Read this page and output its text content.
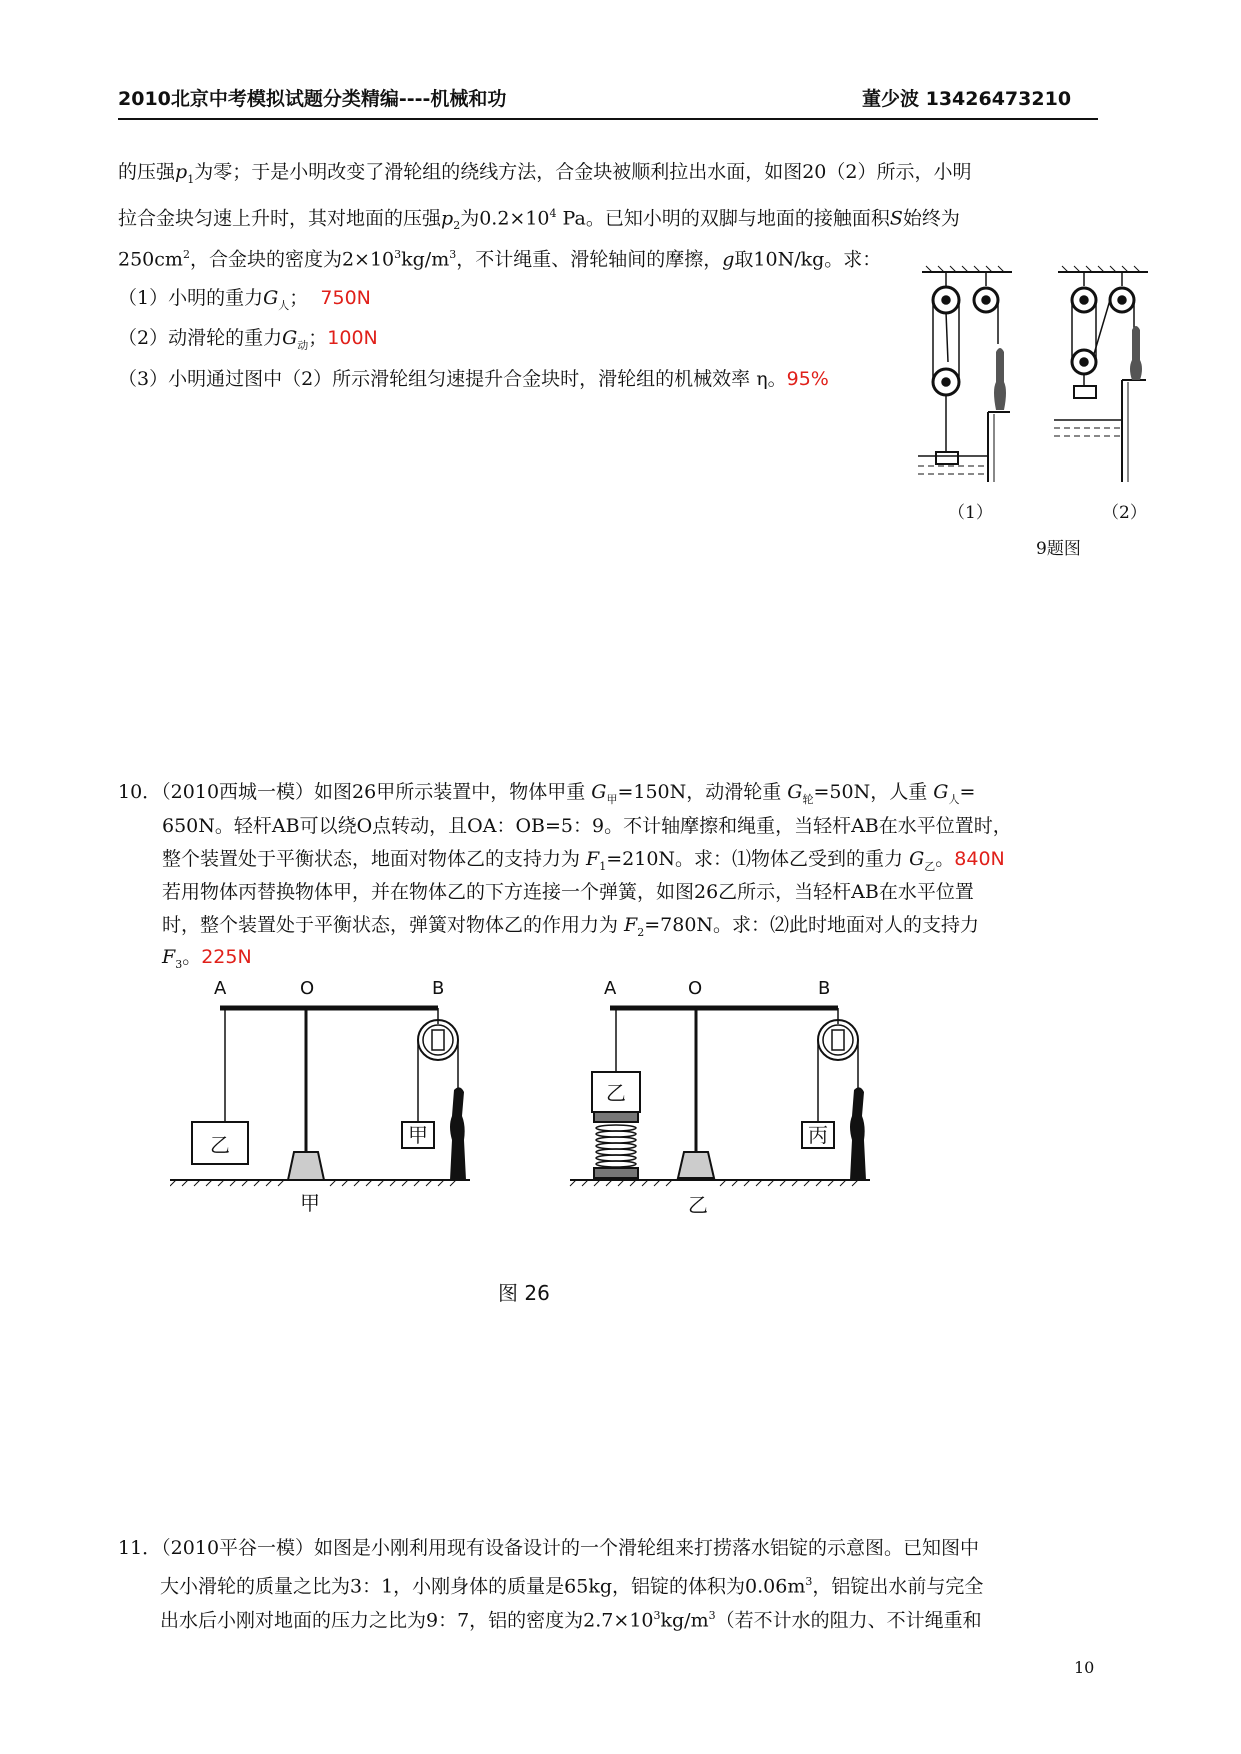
2010北京中考模拟试题分类精编----机械和功	董少波 13426473210
的压强$p_1$为零；于是小明改变了滑轮组的绕线方法，合金块被顺利拉出水面，如图20（2）所示，小明
拉合金块匀速上升时，其对地面的压强$p_2$为$0.2\times 10^4$ Pa。已知小明的双脚与地面的接触面积S始终为
$250cm^2$，合金块的密度为$2\times 10^3kg/m^3$，不计绳重、滑轮轴间的摩擦，g取10N/kg。求：
（1）小明的重力$G_人$； 750N
（2）动滑轮的重力$G_动$；100N
（3）小明通过图中（2）所示滑轮组匀速提升合金块时，滑轮组的机械效率 η。95%
（1）	（2）
9题图
10．（2010西城一模）如图26甲所示装置中，物体甲重 $G_甲=150N$，动滑轮重 $G_轮=50N$，人重 $G_人=$
650N。轻杆AB可以绕O点转动，且OA：OB=5：9。不计轴摩擦和绳重，当轻杆AB在水平位置时，
整个装置处于平衡状态，地面对物体乙的支持力为 $F_1=210N$。求：⑴物体乙受到的重力 $G_乙$。840N
若用物体丙替换物体甲，并在物体乙的下方连接一个弹簧，如图26乙所示，当轻杆AB在水平位置
时，整个装置处于平衡状态，弹簧对物体乙的作用力为 $F_2=780N$。求：⑵此时地面对人的支持力
$F_3$。225N
A	O	B	A	O	B
乙	甲
甲
乙
丙
乙
图 26
11．（2010平谷一模）如图是小刚利用现有设备设计的一个滑轮组来打捞落水铝锭的示意图。已知图中
大小滑轮的质量之比为3：1，小刚身体的质量是65kg，铝锭的体积为$0.06m^3$，铝锭出水前与完全
出水后小刚对地面的压力之比为9：7，铝的密度为$2.7\times 10^3kg/m^3$（若不计水的阻力、不计绳重和
10
